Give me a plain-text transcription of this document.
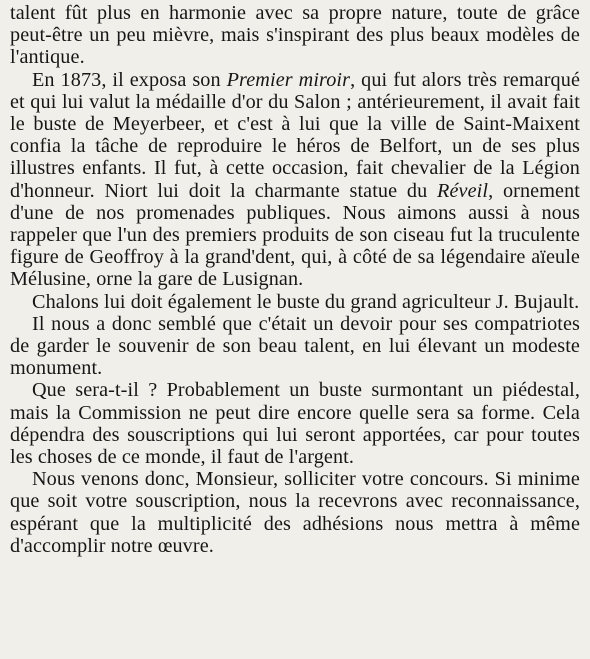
talent fût plus en harmonie avec sa propre nature, toute de grâce peut-être un peu mièvre, mais s'inspirant des plus beaux modèles de l'antique.

En 1873, il exposa son Premier miroir, qui fut alors très remarqué et qui lui valut la médaille d'or du Salon ; antérieurement, il avait fait le buste de Meyerbeer, et c'est à lui que la ville de Saint-Maixent confia la tâche de reproduire le héros de Belfort, un de ses plus illustres enfants. Il fut, à cette occasion, fait chevalier de la Légion d'honneur. Niort lui doit la charmante statue du Réveil, ornement d'une de nos promenades publiques. Nous aimons aussi à nous rappeler que l'un des premiers produits de son ciseau fut la truculente figure de Geoffroy à la grand'dent, qui, à côté de sa légendaire aïeule Mélusine, orne la gare de Lusignan.

Chalons lui doit également le buste du grand agriculteur J. Bujault.

Il nous a donc semblé que c'était un devoir pour ses compatriotes de garder le souvenir de son beau talent, en lui élevant un modeste monument.

Que sera-t-il ? Probablement un buste surmontant un piédestal, mais la Commission ne peut dire encore quelle sera sa forme. Cela dépendra des souscriptions qui lui seront apportées, car pour toutes les choses de ce monde, il faut de l'argent.

Nous venons donc, Monsieur, solliciter votre concours. Si minime que soit votre souscription, nous la recevrons avec reconnaissance, espérant que la multiplicité des adhésions nous mettra à même d'accomplir notre œuvre.
